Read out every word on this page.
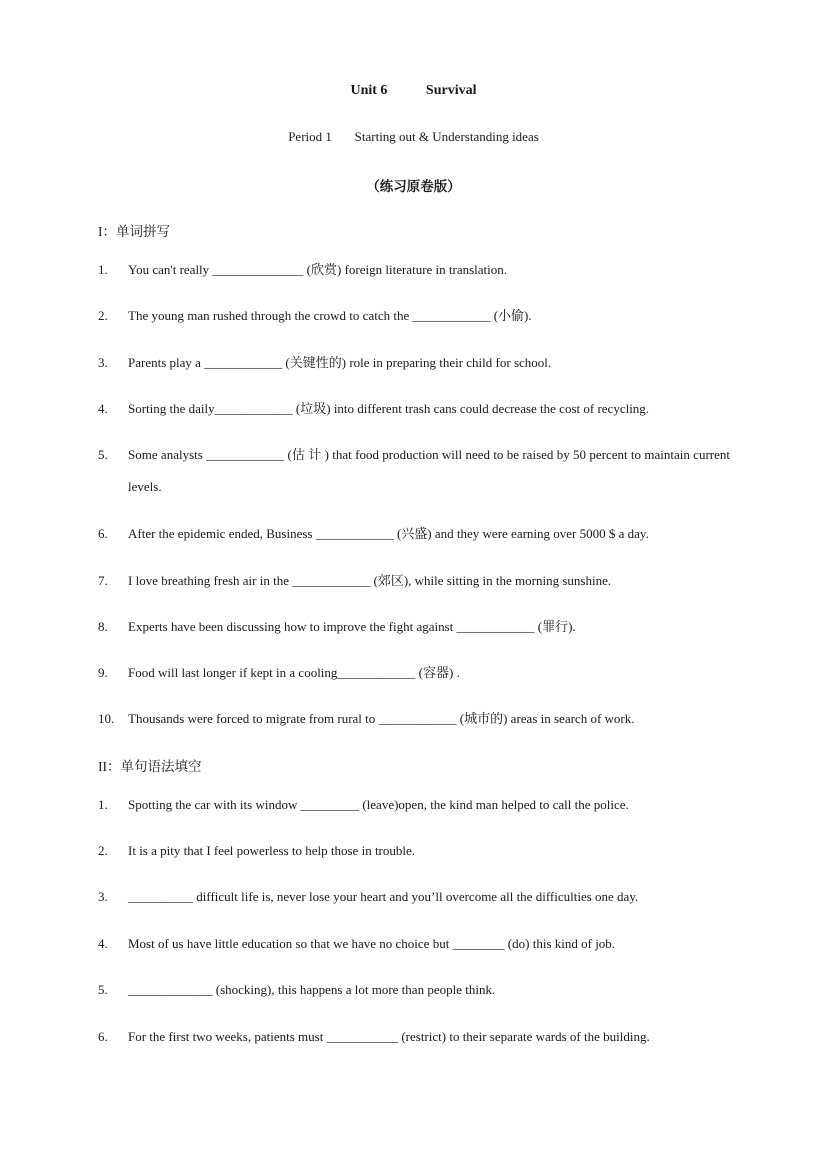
Unit 6           Survival
Period 1       Starting out & Understanding ideas
（练习原卷版）
I：单词拼写
1. You can't really ______________ (欣赏) foreign literature in translation.
2. The young man rushed through the crowd to catch the ____________ (小偷).
3. Parents play a ____________ (关键性的) role in preparing their child for school.
4. Sorting the daily____________ (垃圾) into different trash cans could decrease the cost of recycling.
5. Some analysts ____________ (估 计 ) that food production will need to be raised by 50 percent to maintain current levels.
6. After the epidemic ended, Business ____________ (兴盛) and they were earning over 5000 $ a day.
7. I love breathing fresh air in the ____________ (郊区), while sitting in the morning sunshine.
8. Experts have been discussing how to improve the fight against ____________ (罪行).
9. Food will last longer if kept in a cooling____________ (容器) .
10. Thousands were forced to migrate from rural to ____________ (城市的) areas in search of work.
II：单句语法填空
1. Spotting the car with its window _________ (leave)open, the kind man helped to call the police.
2. It is a pity that I feel powerless to help those in trouble.
3. __________ difficult life is, never lose your heart and you’ll overcome all the difficulties one day.
4. Most of us have little education so that we have no choice but ________ (do) this kind of job.
5. _____________ (shocking), this happens a lot more than people think.
6. For the first two weeks, patients must ___________ (restrict) to their separate wards of the building.
